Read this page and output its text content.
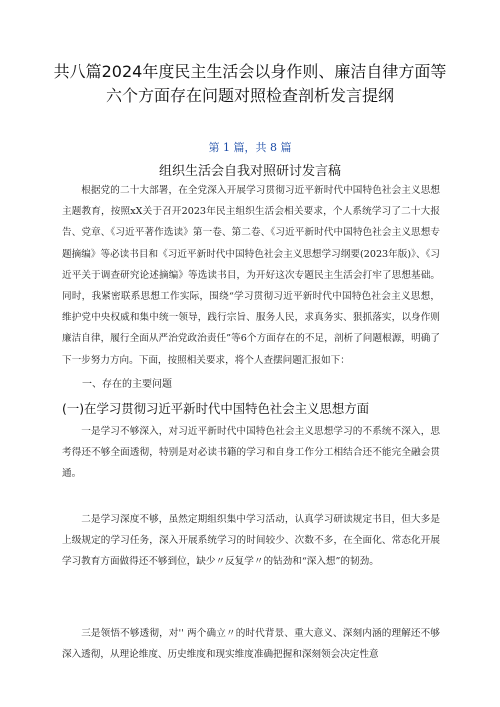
共八篇2024年度民主生活会以身作则、廉洁自律方面等六个方面存在问题对照检查剖析发言提纲
第 1 篇，共 8 篇
组织生活会自我对照研讨发言稿

根据党的二十大部署，在全党深入开展学习贯彻习近平新时代中国特色社会主义思想主题教育，按照xX关于召开2023年民主组织生活会相关要求，个人系统学习了二十大报告、党章、《习近平著作选读》第一卷、第二卷、《习近平新时代中国特色社会主义思想专题摘编》等必读书目和《习近平新时代中国特色社会主义思想学习纲要(2023年版)》、《习近平关于调查研究论述摘编》等选读书目，为开好这次专题民主生活会打牢了思想基础。同时，我紧密联系思想工作实际，围绕“学习贯彻习近平新时代中国特色社会主义思想，维护党中央权威和集中统一领导，践行宗旨、服务人民，求真务实、狠抓落实，以身作则廉洁自律，履行全面从严治党政治责任”等6个方面存在的不足，剖析了问题根源，明确了下一步努力方向。下面，按照相关要求，将个人查摆问题汇报如下：

一、存在的主要问题

(一)在学习贯彻习近平新时代中国特色社会主义思想方面

一是学习不够深入，对习近平新时代中国特色社会主义思想学习的不系统不深入，思考得还不够全面透彻，特别是对必读书籍的学习和自身工作分工相结合还不能完全融会贯通。

二是学习深度不够，虽然定期组织集中学习活动，认真学习研读规定书目，但大多是上级规定的学习任务，深入开展系统学习的时间较少、次数不多，在全面化、常态化开展学习教育方面做得还不够到位，缺少〃反复学〃的钻劲和“深入想”的韧劲。

三是领悟不够透彻，对'' 两个确立〃的时代背景、重大意义、深刻内涵的理解还不够深入透彻，从理论维度、历史维度和现实维度准确把握和深刻领会决定性意
